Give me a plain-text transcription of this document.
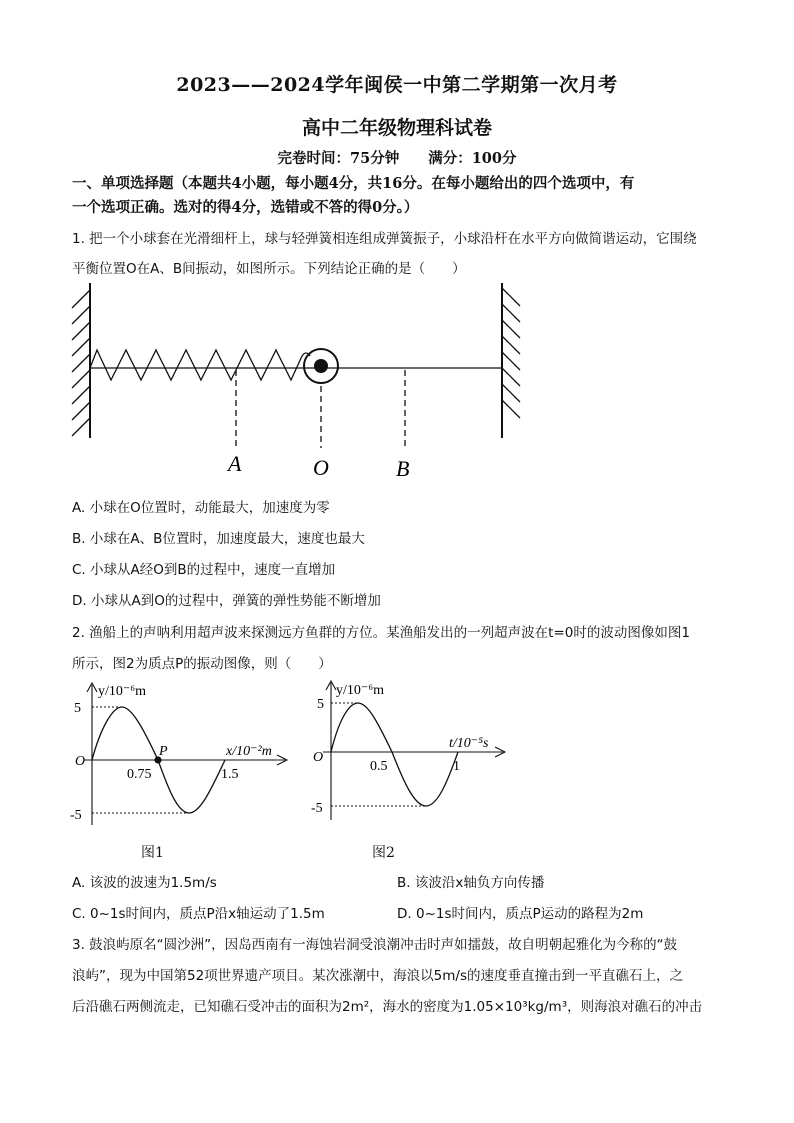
2023——2024学年闽侯一中第二学期第一次月考
高中二年级物理科试卷
完卷时间：75分钟　　满分：100分
一、单项选择题（本题共4小题，每小题4分，共16分。在每小题给出的四个选项中，有
一个选项正确。选对的得4分，选错或不答的得0分。）
1. 把一个小球套在光滑细杆上，球与轻弹簧相连组成弹簧振子，小球沿杆在水平方向做简谐运动，它围绕
平衡位置O在A、B间振动，如图所示。下列结论正确的是（　　）
A	O	B
A. 小球在O位置时，动能最大，加速度为零
B. 小球在A、B位置时，加速度最大，速度也最大
C. 小球从A经O到B的过程中，速度一直增加
D. 小球从A到O的过程中，弹簧的弹性势能不断增加
2. 渔船上的声呐利用超声波来探测远方鱼群的方位。某渔船发出的一列超声波在t=0时的波动图像如图1
所示，图2为质点P的振动图像，则（　　）
y/10⁻⁶m
x/10⁻²m
5
-5
O
0.75	1.5
P
图1
y/10⁻⁶m
t/10⁻⁵s
5
-5
O
0.5	1
图2
A. 该波的波速为1.5m/s	B. 该波沿x轴负方向传播
C. 0~1s时间内，质点P沿x轴运动了1.5m	D. 0~1s时间内，质点P运动的路程为2m
3. 鼓浪屿原名“圆沙洲”，因岛西南有一海蚀岩洞受浪潮冲击时声如擂鼓，故自明朝起雅化为今称的“鼓
浪屿”，现为中国第52项世界遗产项目。某次涨潮中，海浪以5m/s的速度垂直撞击到一平直礁石上，之
后沿礁石两侧流走，已知礁石受冲击的面积为2m²，海水的密度为1.05×10³kg/m³，则海浪对礁石的冲击
